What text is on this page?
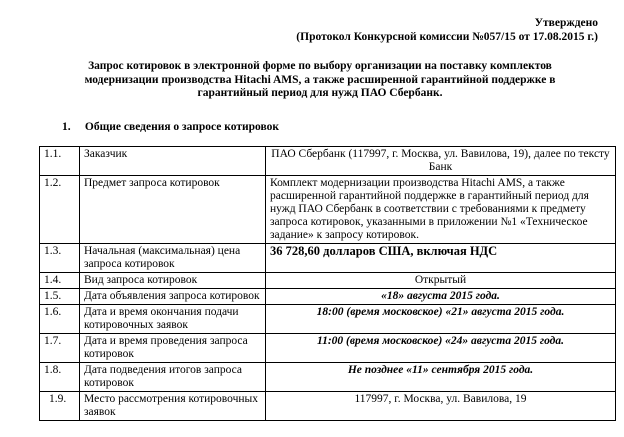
Утверждено
(Протокол Конкурсной комиссии №057/15 от 17.08.2015 г.)
Запрос котировок в электронной форме по выбору организации на поставку комплектов
модернизации производства Hitachi AMS, а также расширенной гарантийной поддержке в
гарантийный период для нужд ПАО Сбербанк.
1. Общие сведения о запросе котировок
1.1.	Заказчик	ПАО Сбербанк (117997, г. Москва, ул. Вавилова, 19), далее по тексту Банк
1.2.	Предмет запроса котировок	Комплект модернизации производства Hitachi AMS, а также расширенной гарантийной поддержке в гарантийный период для нужд ПАО Сбербанк в соответствии с требованиями к предмету запроса котировок, указанными в приложении №1 «Техническое задание» к запросу котировок.
1.3.	Начальная (максимальная) цена запроса котировок	36 728,60 долларов США, включая НДС
1.4.	Вид запроса котировок	Открытый
1.5.	Дата объявления запроса котировок	«18» августа 2015 года.
1.6.	Дата и время окончания подачи котировочных заявок	18:00 (время московское) «21» августа 2015 года.
1.7.	Дата и время проведения запроса котировок	11:00 (время московское) «24» августа 2015 года.
1.8.	Дата подведения итогов запроса котировок	Не позднее «11» сентября 2015 года.
1.9.	Место рассмотрения котировочных заявок	117997, г. Москва, ул. Вавилова, 19
